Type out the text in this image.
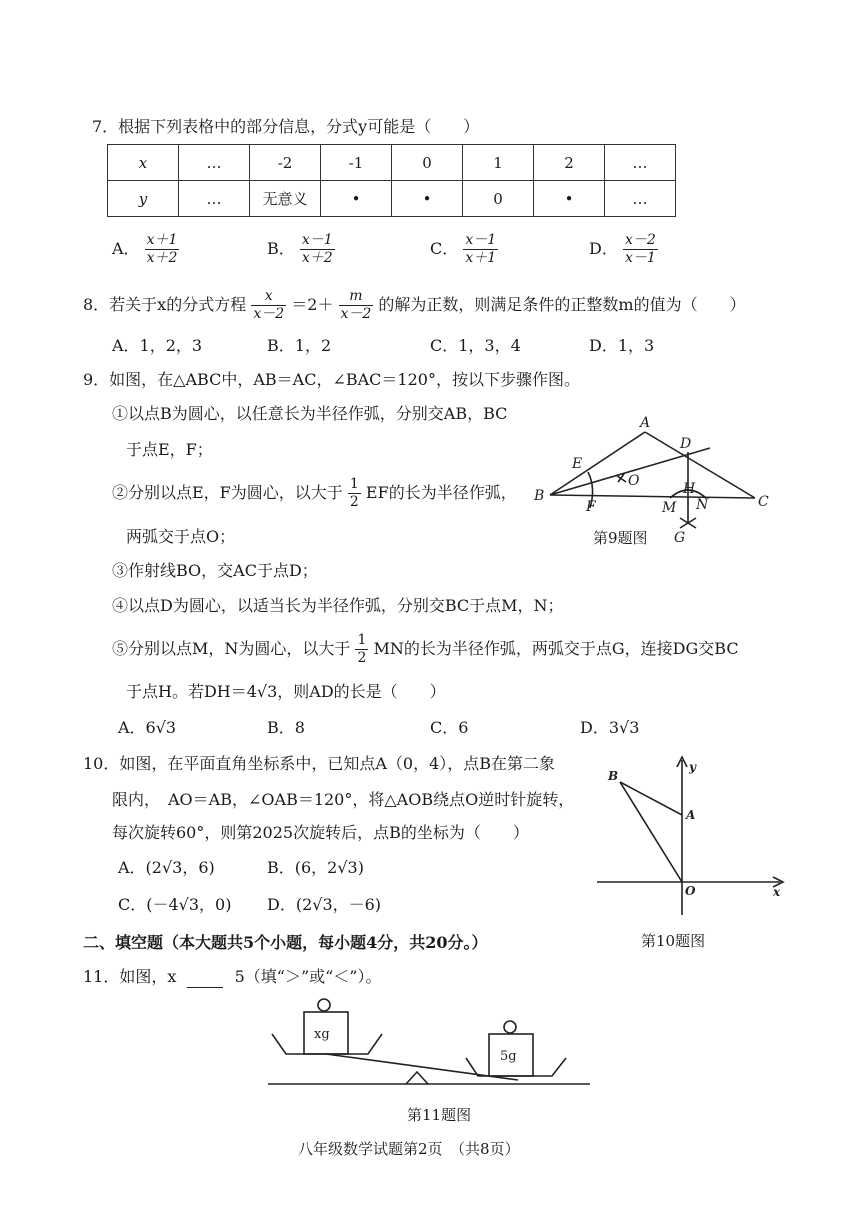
7．根据下列表格中的部分信息，分式y可能是（　　）
x	…	-2	-1	0	1	2	…
y	…	无意义	•	•	0	•	…
A． $\frac{x+1}{x+2}$	B． $\frac{x-1}{x+2}$	C． $\frac{x-1}{x+1}$	D． $\frac{x-2}{x-1}$
8．若关于x的分式方程 $\frac{x}{x-2} =2+ \frac{m}{x-2}$ 的解为正数，则满足条件的正整数m的值为（　　）
A．1，2，3	B．1，2	C．1，3，4	D．1，3
9．如图，在△ABC中，AB＝AC，∠BAC＝120°，按以下步骤作图。
①以点B为圆心，以任意长为半径作弧，分别交AB，BC
于点E，F；
②分别以点E，F为圆心，以大于 $\frac{1}{2}$ EF的长为半径作弧，
两弧交于点O；
③作射线BO，交AC于点D；
④以点D为圆心，以适当长为半径作弧，分别交BC于点M，N；
⑤分别以点M，N为圆心，以大于 $\frac{1}{2}$ MN的长为半径作弧，两弧交于点G，连接DG交BC
于点H。若DH＝4√3，则AD的长是（　　）
A．6√3	B．8	C．6	D．3√3
A
D
E
O	H
B	C
F	M N
G
第9题图
10．如图，在平面直角坐标系中，已知点A（0，4），点B在第二象
限内，　AO＝AB，∠OAB＝120°，将△AOB绕点O逆时针旋转，
每次旋转60°，则第2025次旋转后，点B的坐标为（　　）
A．(2√3，6)	B．(6，2√3)
C．(－4√3，0) D．(2√3，－6)
B
A
O	x
y
第10题图
二、填空题（本大题共5个小题，每小题4分，共20分。）
11．如图，x	5（填“＞”或“＜”）。
xg
5g
第11题图
八年级数学试题第2页　（共8页）
